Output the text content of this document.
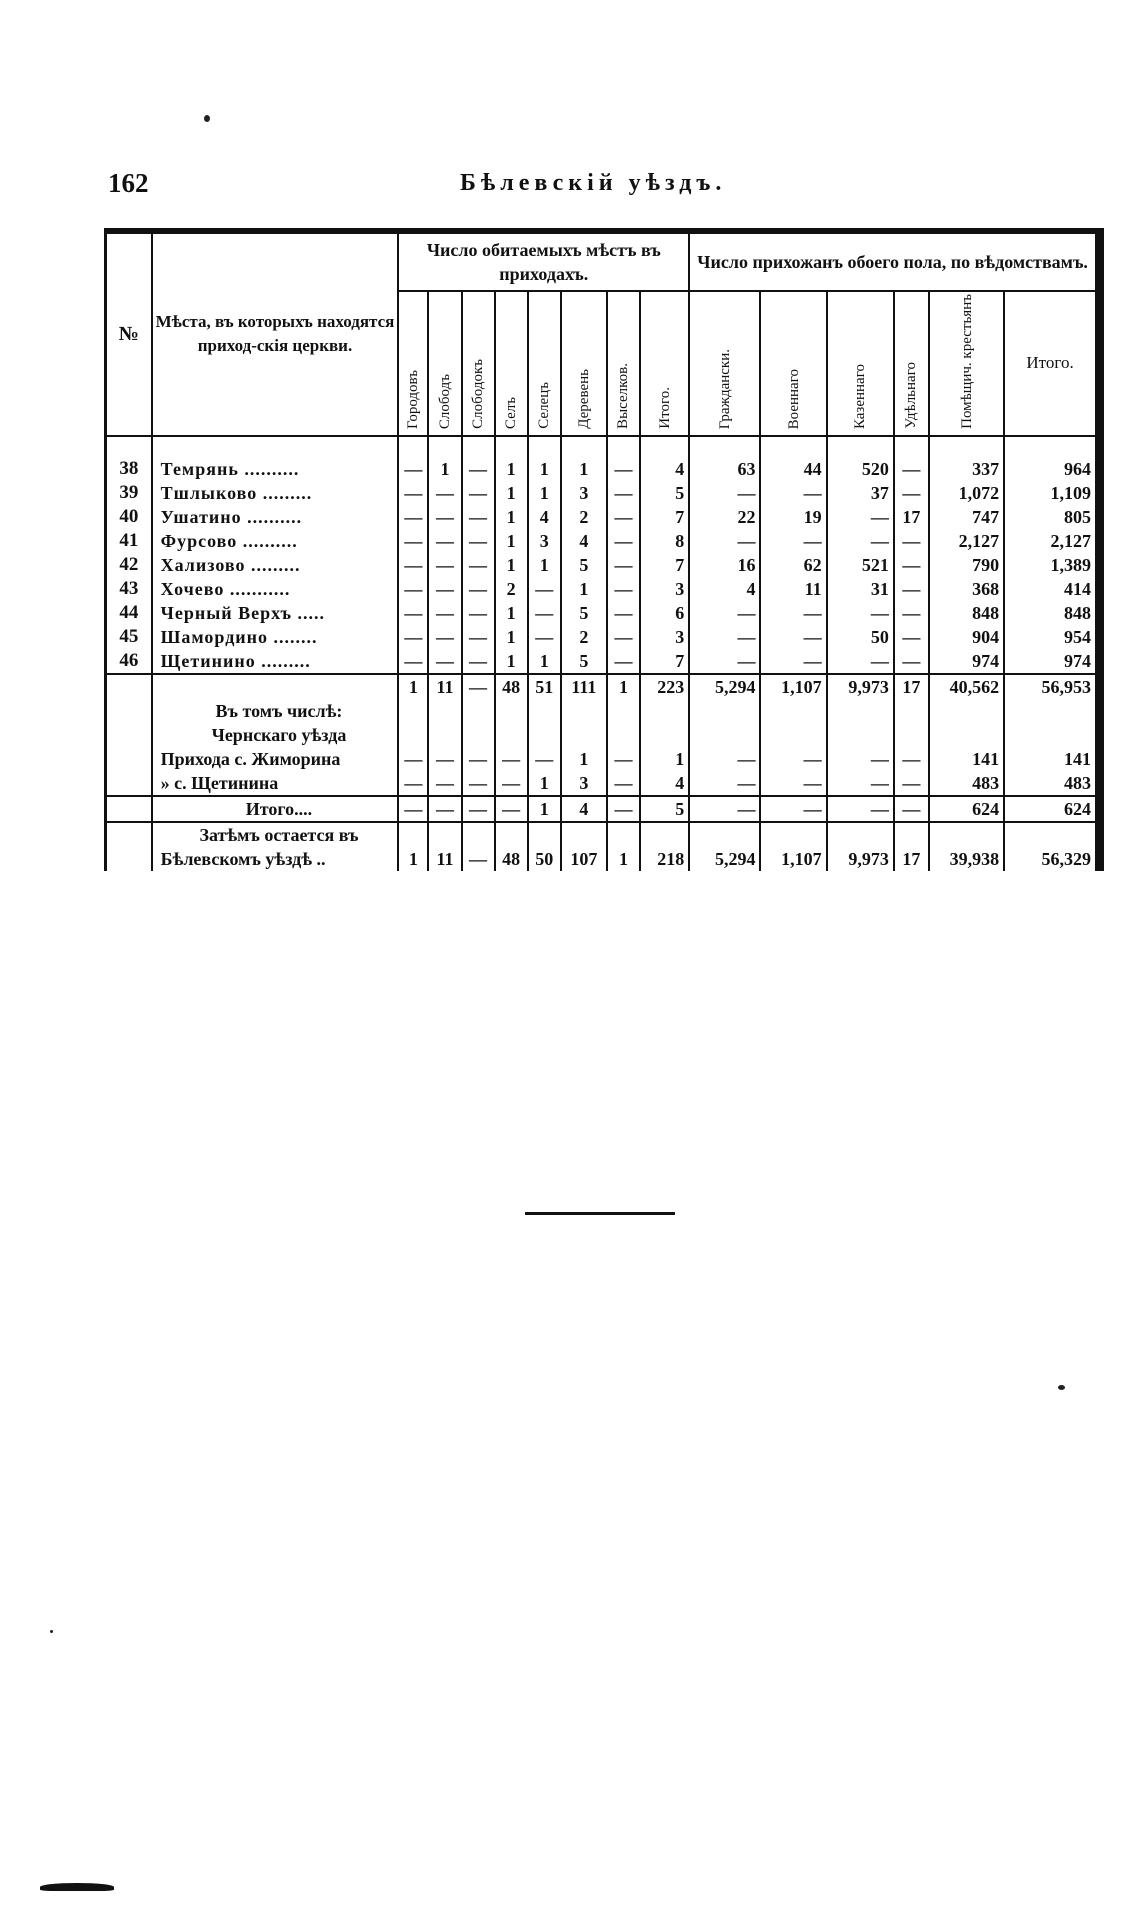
162	Бѣлевскій уѣздъ.
№	Мѣста, въ которыхъ находятся приход-скія церкви.	Число обитаемыхъ мѣстъ въ приходахъ.								Число прихожанъ обоего пола, по вѣдомствамъ.					
		Городовъ	Слободъ	Слободокъ	Селъ	Селецъ	Деревень	Выселков.	Итого.	Граждански.	Военнаго	Казеннаго	Удѣльнаго	Помѣщич. крестьянъ	Итого.

38	Темрянь ..........	—	1	—	1	1	1	—	4	63	44	520	—	337	964
39	Тшлыково .........	—	—	—	1	1	3	—	5	—	—	37	—	1,072	1,109
40	Ушатино ..........	—	—	—	1	4	2	—	7	22	19	—	17	747	805
41	Фурсово ..........	—	—	—	1	3	4	—	8	—	—	—	—	2,127	2,127
42	Хализово .........	—	—	—	1	1	5	—	7	16	62	521	—	790	1,389
43	Хочево ...........	—	—	—	2	—	1	—	3	4	11	31	—	368	414
44	Черный Верхъ .....	—	—	—	1	—	5	—	6	—	—	—	—	848	848
45	Шамордино ........	—	—	—	1	—	2	—	3	—	—	50	—	904	954
46	Щетинино .........	—	—	—	1	1	5	—	7	—	—	—	—	974	974
		1	11	—	48	51	111	1	223	5,294	1,107	9,973	17	40,562	56,953
	Въ томъ числѣ:														
	Чернскаго уѣзда														
	Прихода с. Жиморина	—	—	—	—	—	1	—	1	—	—	—	—	141	141
	» с. Щетинина	—	—	—	—	1	3	—	4	—	—	—	—	483	483
	Итого....	—	—	—	—	1	4	—	5	—	—	—	—	624	624
	Затѣмъ остается въ														
	Бѣлевскомъ уѣздѣ ..	1	11	—	48	50	107	1	218	5,294	1,107	9,973	17	39,938	56,329
